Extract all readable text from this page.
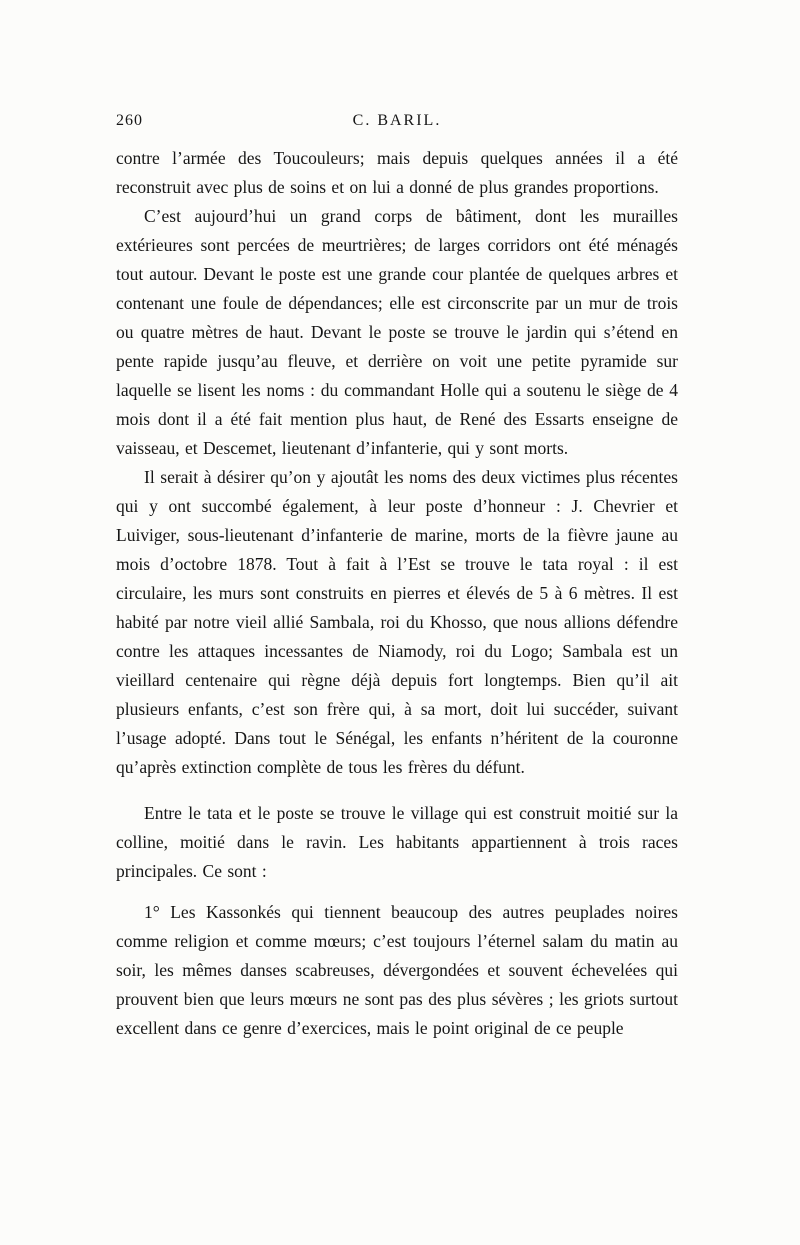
260	C. BARIL.

contre l’armée des Toucouleurs; mais depuis quelques années il a été reconstruit avec plus de soins et on lui a donné de plus grandes proportions.

C’est aujourd’hui un grand corps de bâtiment, dont les murailles extérieures sont percées de meurtrières; de larges corridors ont été ménagés tout autour. Devant le poste est une grande cour plantée de quelques arbres et contenant une foule de dépendances; elle est circonscrite par un mur de trois ou quatre mètres de haut. Devant le poste se trouve le jardin qui s’étend en pente rapide jusqu’au fleuve, et derrière on voit une petite pyramide sur laquelle se lisent les noms : du commandant Holle qui a soutenu le siège de 4 mois dont il a été fait mention plus haut, de René des Essarts enseigne de vaisseau, et Descemet, lieutenant d’infanterie, qui y sont morts.

Il serait à désirer qu’on y ajoutât les noms des deux victimes plus récentes qui y ont succombé également, à leur poste d’honneur : J. Chevrier et Luiviger, sous-lieutenant d’infanterie de marine, morts de la fièvre jaune au mois d’octobre 1878. Tout à fait à l’Est se trouve le tata royal : il est circulaire, les murs sont construits en pierres et élevés de 5 à 6 mètres. Il est habité par notre vieil allié Sambala, roi du Khosso, que nous allions défendre contre les attaques incessantes de Niamody, roi du Logo; Sambala est un vieillard centenaire qui règne déjà depuis fort longtemps. Bien qu’il ait plusieurs enfants, c’est son frère qui, à sa mort, doit lui succéder, suivant l’usage adopté. Dans tout le Sénégal, les enfants n’héritent de la couronne qu’après extinction complète de tous les frères du défunt.

Entre le tata et le poste se trouve le village qui est construit moitié sur la colline, moitié dans le ravin. Les habitants appartiennent à trois races principales. Ce sont :

1° Les Kassonkés qui tiennent beaucoup des autres peuplades noires comme religion et comme mœurs; c’est toujours l’éternel salam du matin au soir, les mêmes danses scabreuses, dévergondées et souvent échevelées qui prouvent bien que leurs mœurs ne sont pas des plus sévères ; les griots surtout excellent dans ce genre d’exercices, mais le point original de ce peuple
